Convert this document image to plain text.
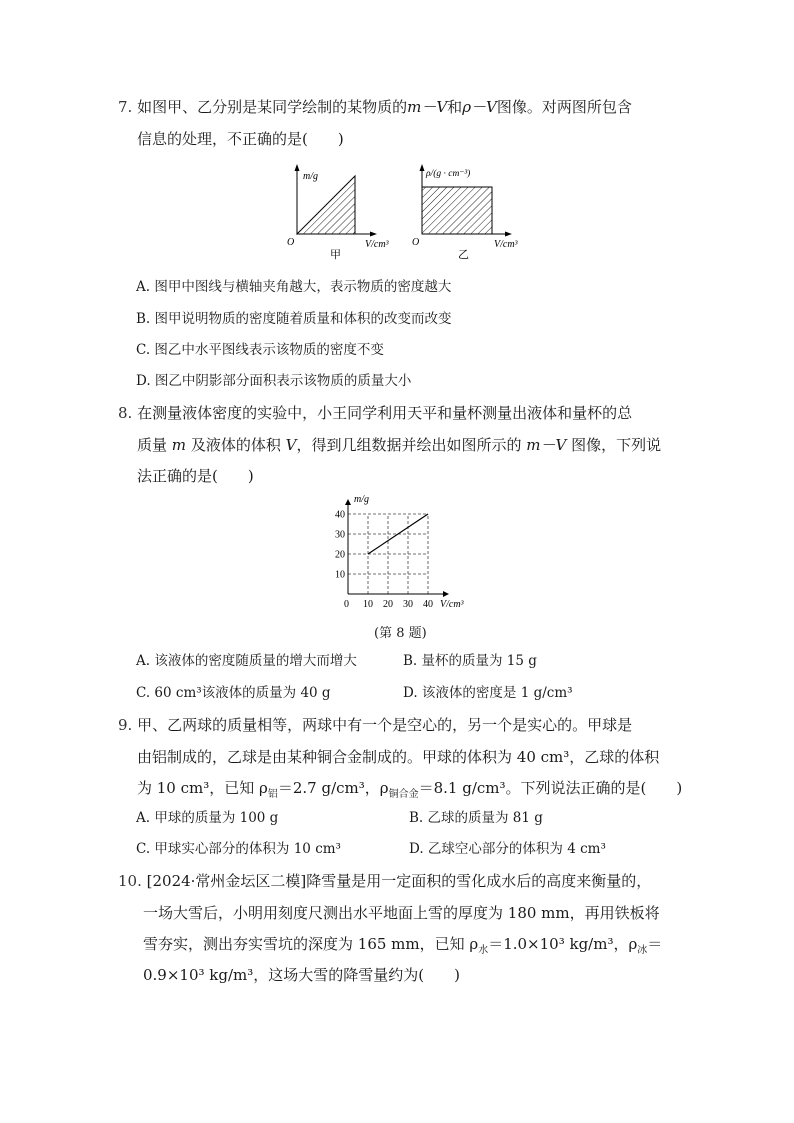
7. 如图甲、乙分别是某同学绘制的某物质的m－V和ρ－V图像。对两图所包含
信息的处理，不正确的是(　　)
m/g
O	V/cm³
甲
ρ/(g · cm⁻³)
O	V/cm³
乙
A. 图甲中图线与横轴夹角越大，表示物质的密度越大
B. 图甲说明物质的密度随着质量和体积的改变而改变
C. 图乙中水平图线表示该物质的密度不变
D. 图乙中阴影部分面积表示该物质的质量大小
8. 在测量液体密度的实验中，小王同学利用天平和量杯测量出液体和量杯的总
质量 m 及液体的体积 V，得到几组数据并绘出如图所示的 m－V 图像，下列说
法正确的是(　　)
10
20
30
40
10 20 30 40
m/g
V/cm³
0
(第 8 题)
A. 该液体的密度随质量的增大而增大	B. 量杯的质量为 15 g
C. 60 cm³该液体的质量为 40 g	D. 该液体的密度是 1 g/cm³
9. 甲、乙两球的质量相等，两球中有一个是空心的，另一个是实心的。甲球是
由铝制成的，乙球是由某种铜合金制成的。甲球的体积为 40 cm³，乙球的体积
为 10 cm³，已知 $\rho_铝=2.7$ g/cm³，$\rho_{铜合金}=8.1$ g/cm³。下列说法正确的是(　　)
A. 甲球的质量为 100 g	B. 乙球的质量为 81 g
C. 甲球实心部分的体积为 10 cm³	D. 乙球空心部分的体积为 4 cm³
10. [2024·常州金坛区二模]降雪量是用一定面积的雪化成水后的高度来衡量的，
一场大雪后，小明用刻度尺测出水平地面上雪的厚度为 180 mm，再用铁板将
雪夯实，测出夯实雪坑的深度为 165 mm，已知 $\rho_水=1.0\times 10^3$ kg/m³，$\rho_冰=$
0.9×10³ kg/m³，这场大雪的降雪量约为(　　)
